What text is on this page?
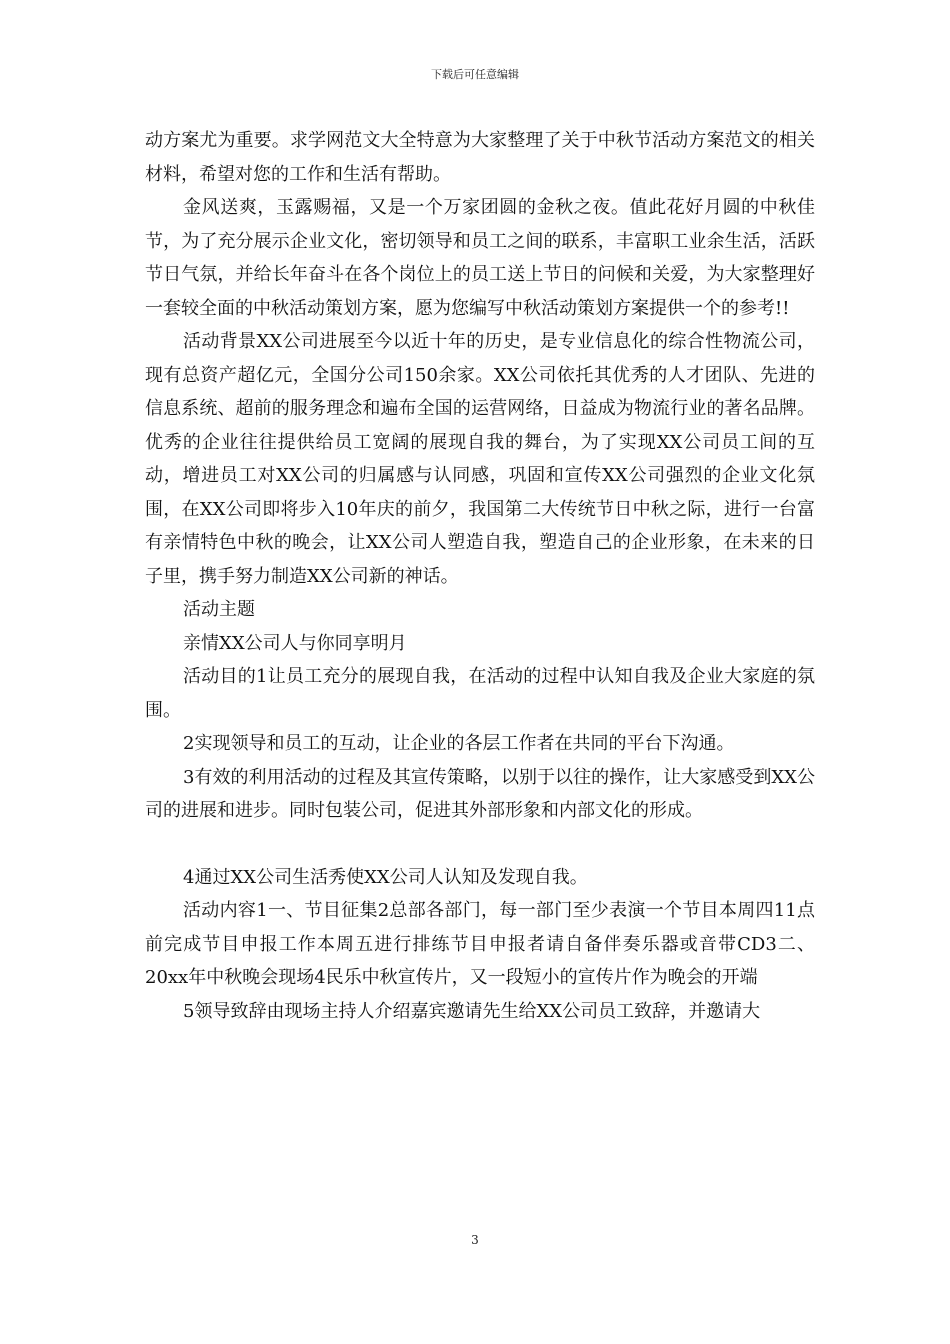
下载后可任意编辑

动方案尤为重要。求学网范文大全特意为大家整理了关于中秋节活动方案范文的相关材料，希望对您的工作和生活有帮助。

金风送爽，玉露赐福，又是一个万家团圆的金秋之夜。值此花好月圆的中秋佳节，为了充分展示企业文化，密切领导和员工之间的联系，丰富职工业余生活，活跃节日气氛，并给长年奋斗在各个岗位上的员工送上节日的问候和关爱，为大家整理好一套较全面的中秋活动策划方案，愿为您编写中秋活动策划方案提供一个的参考!!

活动背景XX公司进展至今以近十年的历史，是专业信息化的综合性物流公司，现有总资产超亿元，全国分公司150余家。XX公司依托其优秀的人才团队、先进的信息系统、超前的服务理念和遍布全国的运营网络，日益成为物流行业的著名品牌。优秀的企业往往提供给员工宽阔的展现自我的舞台，为了实现XX公司员工间的互动，增进员工对XX公司的归属感与认同感，巩固和宣传XX公司强烈的企业文化氛围，在XX公司即将步入10年庆的前夕，我国第二大传统节日中秋之际，进行一台富有亲情特色中秋的晚会，让XX公司人塑造自我，塑造自己的企业形象，在未来的日子里，携手努力制造XX公司新的神话。

活动主题

亲情XX公司人与你同享明月

活动目的1让员工充分的展现自我，在活动的过程中认知自我及企业大家庭的氛围。

2实现领导和员工的互动，让企业的各层工作者在共同的平台下沟通。

3有效的利用活动的过程及其宣传策略，以别于以往的操作，让大家感受到XX公司的进展和进步。同时包装公司，促进其外部形象和内部文化的形成。

4通过XX公司生活秀使XX公司人认知及发现自我。

活动内容1一、节目征集2总部各部门，每一部门至少表演一个节目本周四11点前完成节目申报工作本周五进行排练节目申报者请自备伴奏乐器或音带CD3二、20xx年中秋晚会现场4民乐中秋宣传片，又一段短小的宣传片作为晚会的开端

5领导致辞由现场主持人介绍嘉宾邀请先生给XX公司员工致辞，并邀请大

3
